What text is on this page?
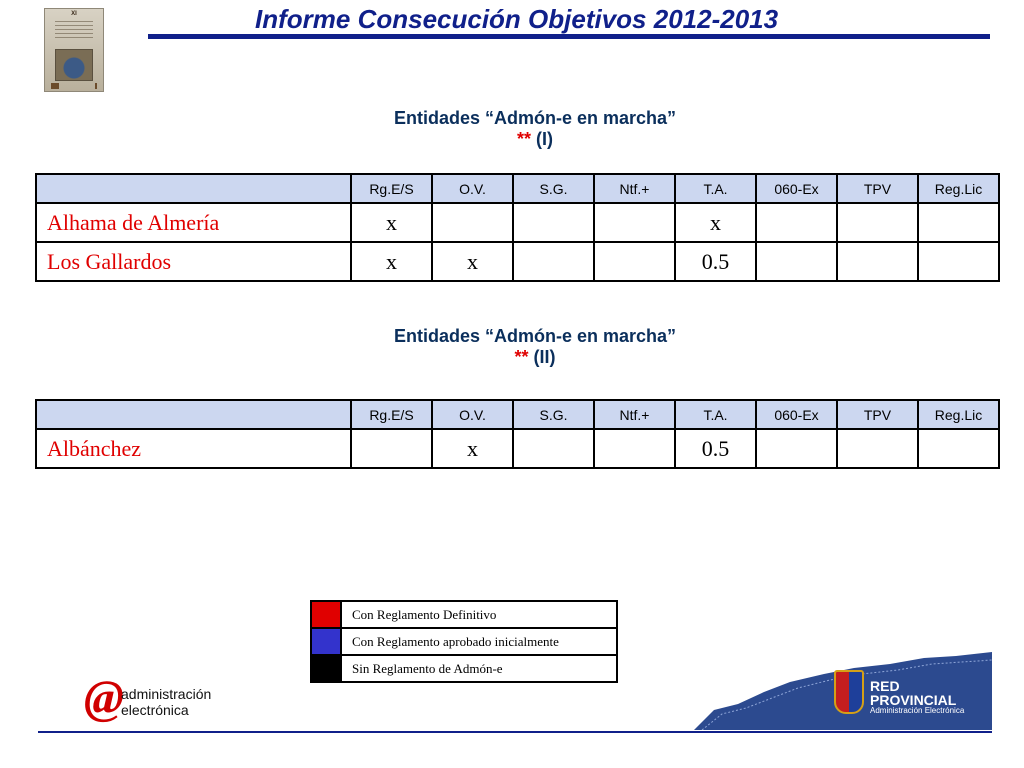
XI	Informe Consecución Objetivos 2012-2013
Entidades “Admón-e en marcha”
** (I)
	Rg.E/S	O.V.	S.G.	Ntf.+	T.A.	060-Ex	TPV	Reg.Lic
Alhama de Almería	x				x			
Los Gallardos	x	x			0.5			
Entidades “Admón-e en marcha”
** (II)
	Rg.E/S	O.V.	S.G.	Ntf.+	T.A.	060-Ex	TPV	Reg.Lic
Albánchez		x			0.5			
	Con Reglamento Definitivo
	Con Reglamento aprobado inicialmente
	Sin Reglamento de Admón-e
@
administración
electrónica
RED
PROVINCIAL
Administración Electrónica
